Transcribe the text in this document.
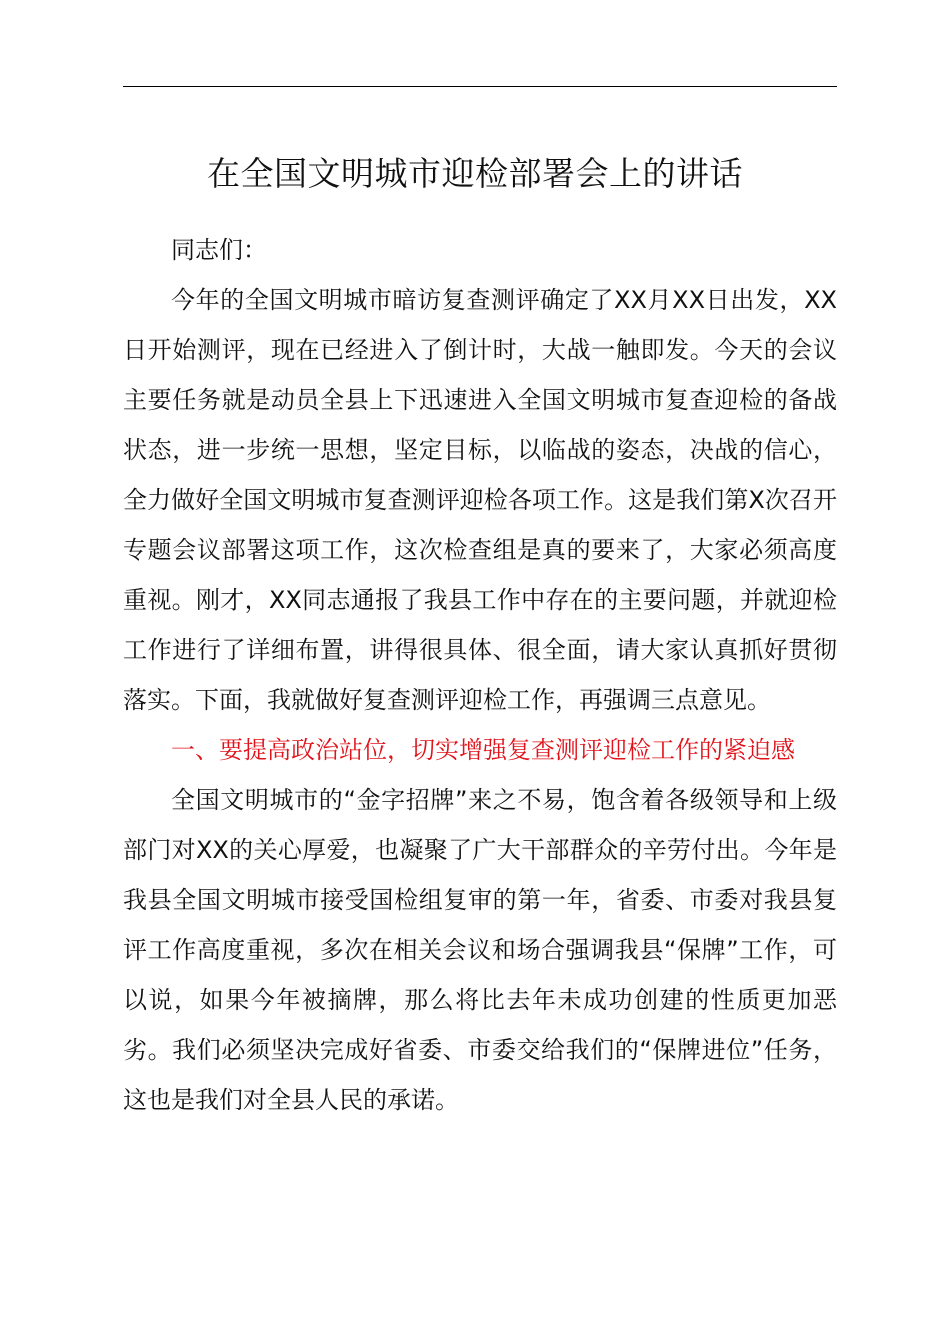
在全国文明城市迎检部署会上的讲话

同志们：

今年的全国文明城市暗访复查测评确定了XX月XX日出发，XX日开始测评，现在已经进入了倒计时，大战一触即发。今天的会议主要任务就是动员全县上下迅速进入全国文明城市复查迎检的备战状态，进一步统一思想，坚定目标，以临战的姿态，决战的信心，全力做好全国文明城市复查测评迎检各项工作。这是我们第X次召开专题会议部署这项工作，这次检查组是真的要来了，大家必须高度重视。刚才，XX同志通报了我县工作中存在的主要问题，并就迎检工作进行了详细布置，讲得很具体、很全面，请大家认真抓好贯彻落实。下面，我就做好复查测评迎检工作，再强调三点意见。

一、要提高政治站位，切实增强复查测评迎检工作的紧迫感

全国文明城市的“金字招牌”来之不易，饱含着各级领导和上级部门对XX的关心厚爱，也凝聚了广大干部群众的辛劳付出。今年是我县全国文明城市接受国检组复审的第一年，省委、市委对我县复评工作高度重视，多次在相关会议和场合强调我县“保牌”工作，可以说，如果今年被摘牌，那么将比去年未成功创建的性质更加恶劣。我们必须坚决完成好省委、市委交给我们的“保牌进位”任务，这也是我们对全县人民的承诺。
